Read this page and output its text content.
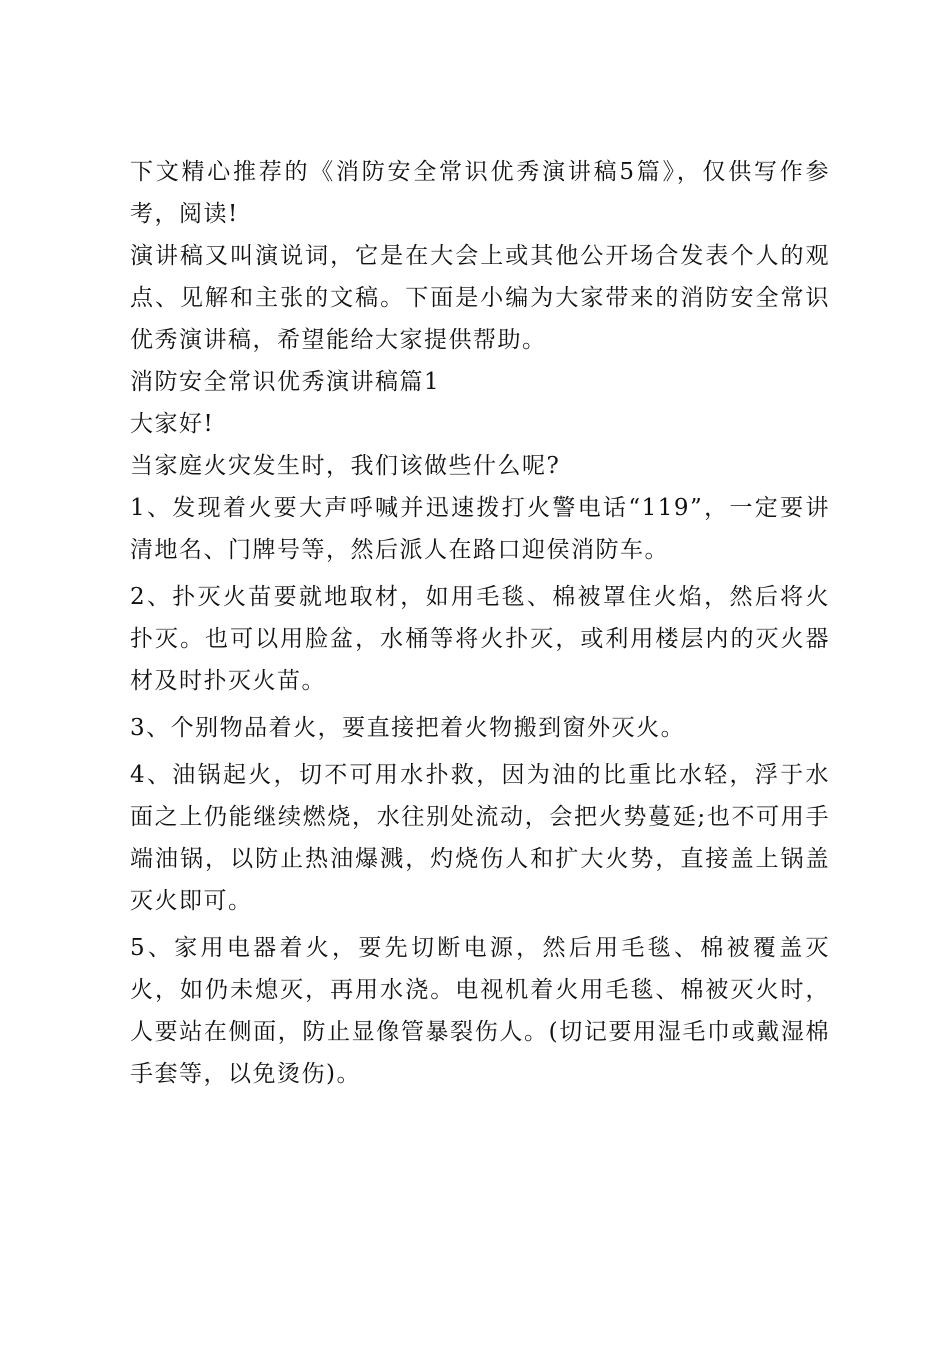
下文精心推荐的《消防安全常识优秀演讲稿5篇》，仅供写作参考，阅读!

演讲稿又叫演说词，它是在大会上或其他公开场合发表个人的观点、见解和主张的文稿。下面是小编为大家带来的消防安全常识优秀演讲稿，希望能给大家提供帮助。

消防安全常识优秀演讲稿篇1

大家好!

当家庭火灾发生时，我们该做些什么呢?

1、发现着火要大声呼喊并迅速拨打火警电话“119”，一定要讲清地名、门牌号等，然后派人在路口迎侯消防车。

2、扑灭火苗要就地取材，如用毛毯、棉被罩住火焰，然后将火扑灭。也可以用脸盆，水桶等将火扑灭，或利用楼层内的灭火器材及时扑灭火苗。

3、个别物品着火，要直接把着火物搬到窗外灭火。

4、油锅起火，切不可用水扑救，因为油的比重比水轻，浮于水面之上仍能继续燃烧，水往别处流动，会把火势蔓延;也不可用手端油锅，以防止热油爆溅，灼烧伤人和扩大火势，直接盖上锅盖灭火即可。

5、家用电器着火，要先切断电源，然后用毛毯、棉被覆盖灭火，如仍未熄灭，再用水浇。电视机着火用毛毯、棉被灭火时，人要站在侧面，防止显像管暴裂伤人。(切记要用湿毛巾或戴湿棉手套等，以免烫伤)。
